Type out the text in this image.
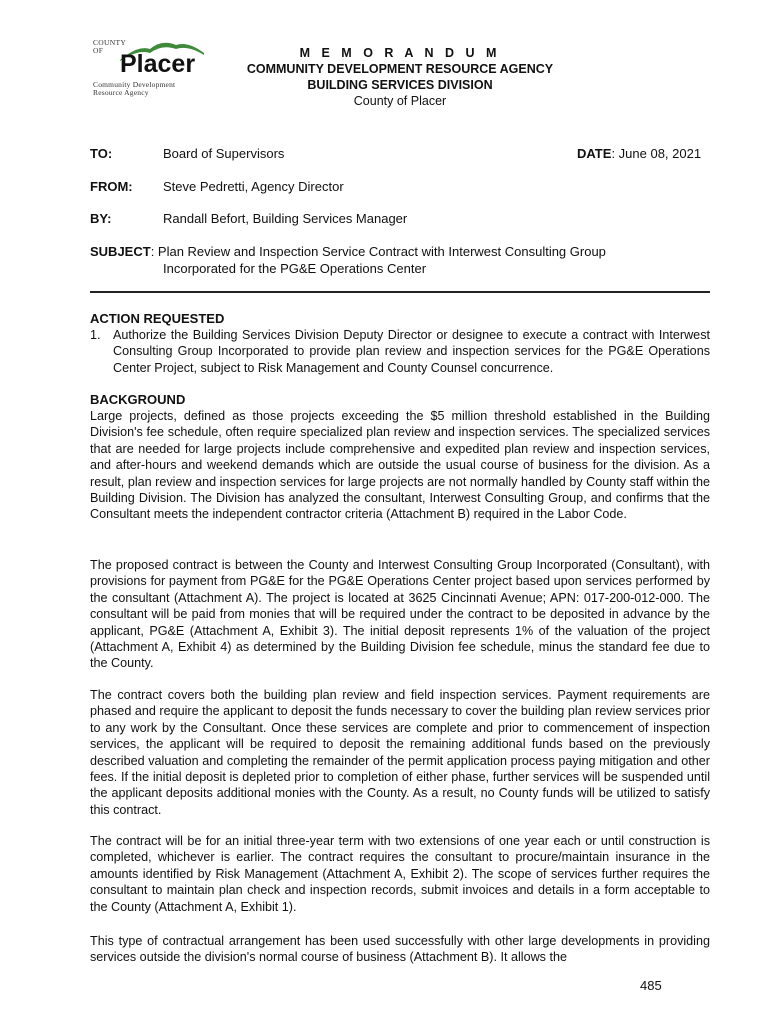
COUNTY
OF Placer
Community Development
Resource Agency
M E M O R A N D U M
COMMUNITY DEVELOPMENT RESOURCE AGENCY
BUILDING SERVICES DIVISION
County of Placer
TO:	Board of Supervisors	DATE: June 08, 2021
FROM: Steve Pedretti, Agency Director
BY:	Randall Befort, Building Services Manager
SUBJECT: Plan Review and Inspection Service Contract with Interwest Consulting Group
Incorporated for the PG&E Operations Center
ACTION REQUESTED
1. Authorize the Building Services Division Deputy Director or designee to execute a contract with Interwest Consulting Group Incorporated to provide plan review and inspection services for the PG&E Operations Center Project, subject to Risk Management and County Counsel concurrence.
BACKGROUND

Large projects, defined as those projects exceeding the $5 million threshold established in the Building Division's fee schedule, often require specialized plan review and inspection services. The specialized services that are needed for large projects include comprehensive and expedited plan review and inspection services, and after-hours and weekend demands which are outside the usual course of business for the division. As a result, plan review and inspection services for large projects are not normally handled by County staff within the Building Division. The Division has analyzed the consultant, Interwest Consulting Group, and confirms that the Consultant meets the independent contractor criteria (Attachment B) required in the Labor Code.

The proposed contract is between the County and Interwest Consulting Group Incorporated (Consultant), with provisions for payment from PG&E for the PG&E Operations Center project based upon services performed by the consultant (Attachment A). The project is located at 3625 Cincinnati Avenue; APN: 017-200-012-000. The consultant will be paid from monies that will be required under the contract to be deposited in advance by the applicant, PG&E (Attachment A, Exhibit 3). The initial deposit represents 1% of the valuation of the project (Attachment A, Exhibit 4) as determined by the Building Division fee schedule, minus the standard fee due to the County.
The contract covers both the building plan review and field inspection services. Payment requirements are phased and require the applicant to deposit the funds necessary to cover the building plan review services prior to any work by the Consultant. Once these services are complete and prior to commencement of inspection services, the applicant will be required to deposit the remaining additional funds based on the previously described valuation and completing the remainder of the permit application process paying mitigation and other fees. If the initial deposit is depleted prior to completion of either phase, further services will be suspended until the applicant deposits additional monies with the County. As a result, no County funds will be utilized to satisfy this contract.
The contract will be for an initial three-year term with two extensions of one year each or until construction is completed, whichever is earlier. The contract requires the consultant to procure/maintain insurance in the amounts identified by Risk Management (Attachment A, Exhibit 2). The scope of services further requires the consultant to maintain plan check and inspection records, submit invoices and details in a form acceptable to the County (Attachment A, Exhibit 1).
This type of contractual arrangement has been used successfully with other large developments in providing services outside the division's normal course of business (Attachment B). It allows the
485
